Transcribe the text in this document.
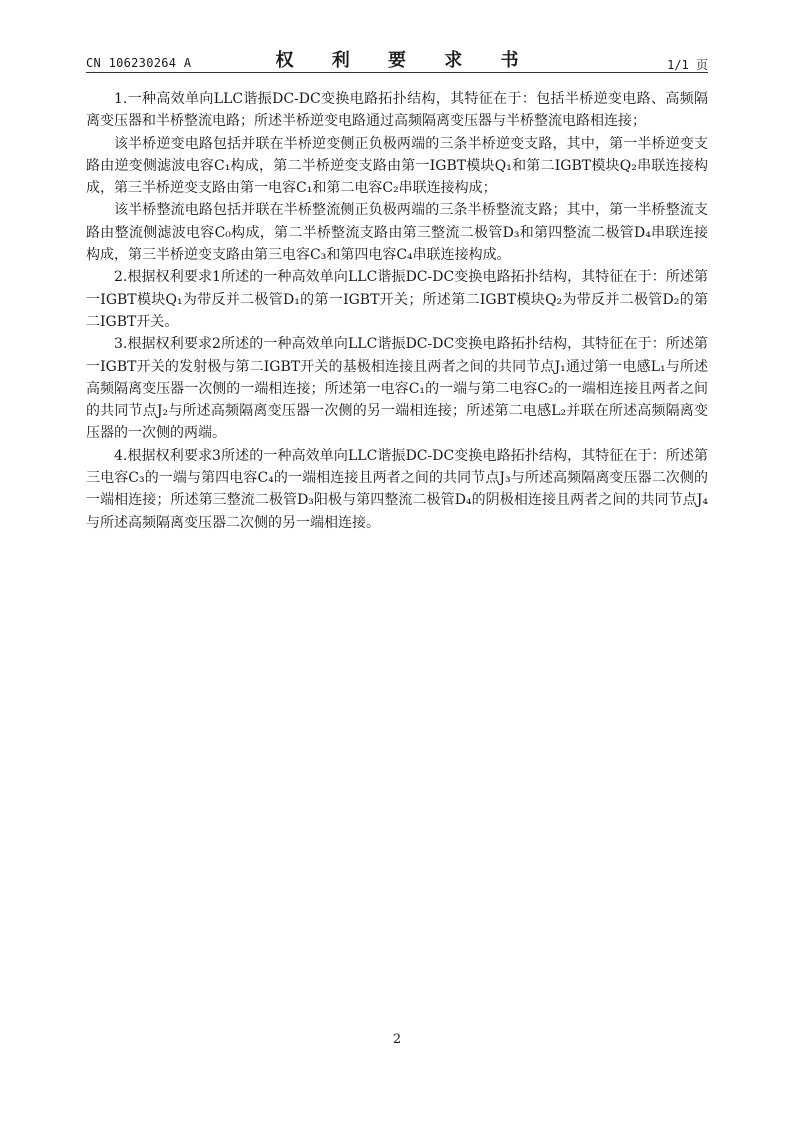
CN 106230264 A	权 利 要 求 书	1/1 页

1.一种高效单向LLC谐振DC-DC变换电路拓扑结构，其特征在于：包括半桥逆变电路、高频隔离变压器和半桥整流电路；所述半桥逆变电路通过高频隔离变压器与半桥整流电路相连接；

该半桥逆变电路包括并联在半桥逆变侧正负极两端的三条半桥逆变支路，其中，第一半桥逆变支路由逆变侧滤波电容C₁构成，第二半桥逆变支路由第一IGBT模块Q₁和第二IGBT模块Q₂串联连接构成，第三半桥逆变支路由第一电容C₁和第二电容C₂串联连接构成；

该半桥整流电路包括并联在半桥整流侧正负极两端的三条半桥整流支路；其中，第一半桥整流支路由整流侧滤波电容C₀构成，第二半桥整流支路由第三整流二极管D₃和第四整流二极管D₄串联连接构成，第三半桥逆变支路由第三电容C₃和第四电容C₄串联连接构成。

2.根据权利要求1所述的一种高效单向LLC谐振DC-DC变换电路拓扑结构，其特征在于：所述第一IGBT模块Q₁为带反并二极管D₁的第一IGBT开关；所述第二IGBT模块Q₂为带反并二极管D₂的第二IGBT开关。

3.根据权利要求2所述的一种高效单向LLC谐振DC-DC变换电路拓扑结构，其特征在于：所述第一IGBT开关的发射极与第二IGBT开关的基极相连接且两者之间的共同节点J₁通过第一电感L₁与所述高频隔离变压器一次侧的一端相连接；所述第一电容C₁的一端与第二电容C₂的一端相连接且两者之间的共同节点J₂与所述高频隔离变压器一次侧的另一端相连接；所述第二电感L₂并联在所述高频隔离变压器的一次侧的两端。

4.根据权利要求3所述的一种高效单向LLC谐振DC-DC变换电路拓扑结构，其特征在于：所述第三电容C₃的一端与第四电容C₄的一端相连接且两者之间的共同节点J₃与所述高频隔离变压器二次侧的一端相连接；所述第三整流二极管D₃阳极与第四整流二极管D₄的阴极相连接且两者之间的共同节点J₄与所述高频隔离变压器二次侧的另一端相连接。

2
